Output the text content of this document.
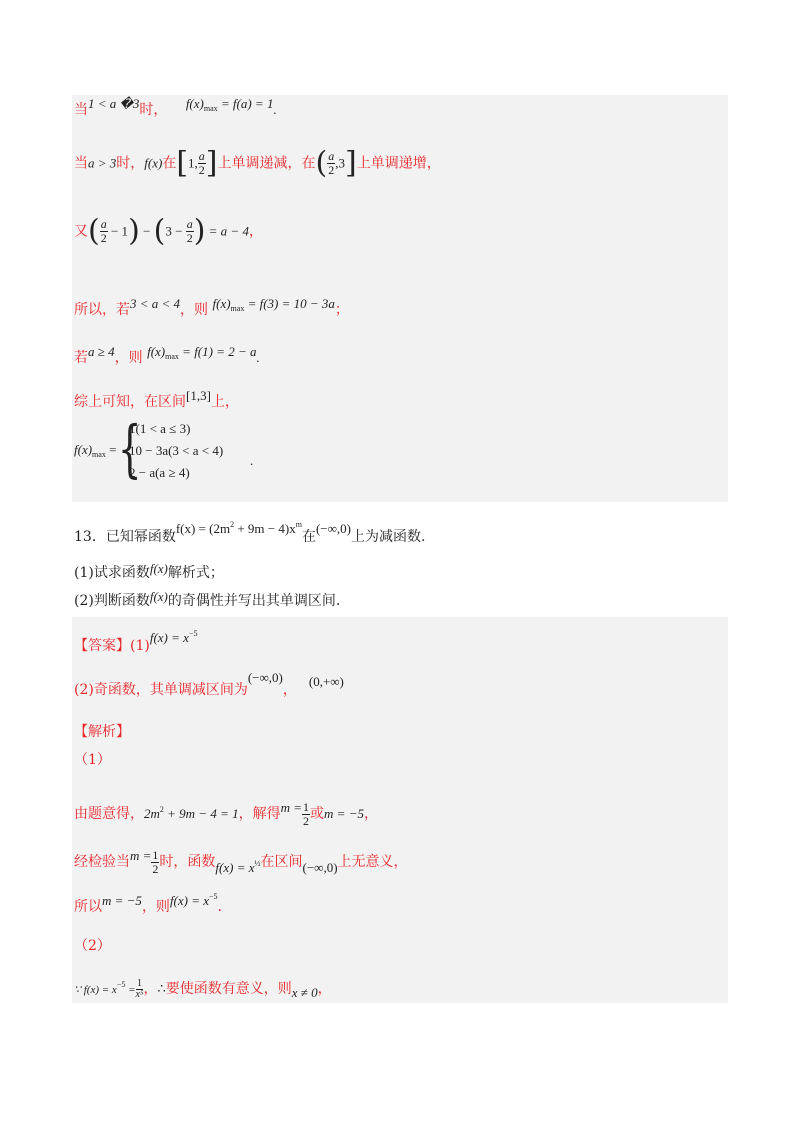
当1 < a �3时， $f(x)_{max} = f(a) = 1$.
当a > 3时，f(x)在[1, $\frac{a}{2}$ ]上单调递减，在( $\frac{a}{2} ,3$]上单调递增，
又( $\frac{a}{2} - 1) - (3 - \frac{a}{2}$ ) = a − 4，
所以，若3 < a < 4，则 $f(x)_{max} = f(3) = 10 - 3a$；
若a ≥ 4，则 $f(x)_{max} = f(1) = 2 - a$.
综上可知，在区间[1,3]上，
$f(x)_{max}$ = {
1(1 < a ≤ 3)
10 − 3a(3 < a < 4)
2 − a(a ≥ 4)
.
13．已知幂函数$f(x) = (2m^2 + 9m - 4)x^m$在(−∞,0)上为减函数.
(1)试求函数f(x)解析式；
(2)判断函数f(x)的奇偶性并写出其单调区间.
【答案】$(1)f(x) = x^{-5}$
(2)奇函数，其单调减区间为(−∞,0)，(0,+∞)
【解析】
（1）
由题意得，$2m^2 + 9m - 4 = 1$，解得$m = \frac{1}{2}$ 或m = −5，
经检验当$m = \frac{1}{2}$ 时，函数$f(x) = x^{\frac{1}{2}}$在区间(−∞,0)上无意义，
所以m = −5，则$f(x) = x^{-5}$.
（2）
∵ $f(x) = x^{-5} = \frac{1}{\text{x⁵}}$ ，∴要使函数有意义，则x ≠ 0，
